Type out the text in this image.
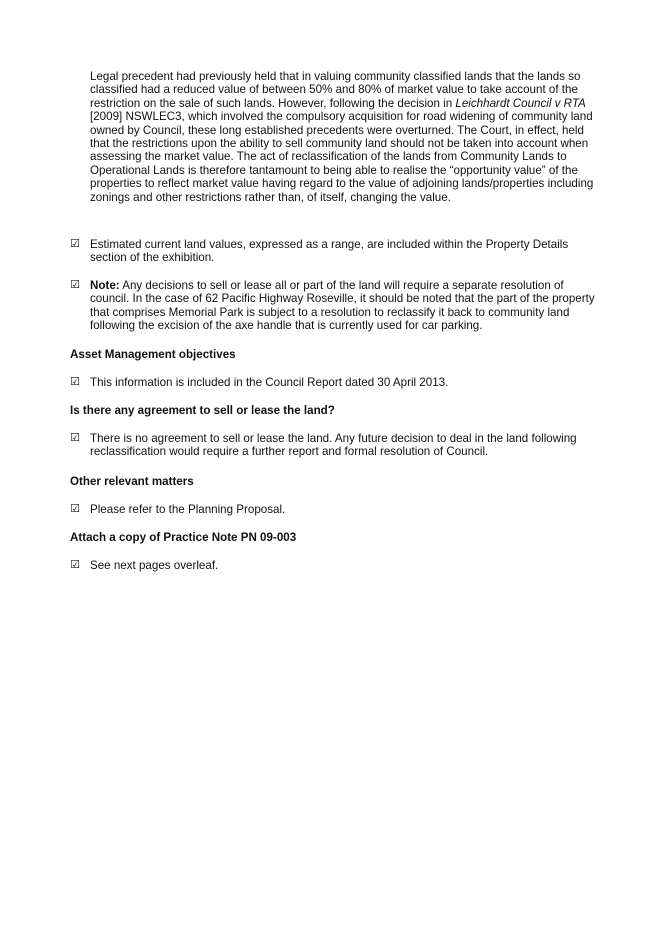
Legal precedent had previously held that in valuing community classified lands that the lands so classified had a reduced value of between 50% and 80% of market value to take account of the restriction on the sale of such lands. However, following the decision in Leichhardt Council v RTA [2009] NSWLEC3, which involved the compulsory acquisition for road widening of community land owned by Council, these long established precedents were overturned. The Court, in effect, held that the restrictions upon the ability to sell community land should not be taken into account when assessing the market value. The act of reclassification of the lands from Community Lands to Operational Lands is therefore tantamount to being able to realise the “opportunity value” of the properties to reflect market value having regard to the value of adjoining lands/properties including zonings and other restrictions rather than, of itself, changing the value.

☑ Estimated current land values, expressed as a range, are included within the Property Details section of the exhibition.
☑ Note: Any decisions to sell or lease all or part of the land will require a separate resolution of council. In the case of 62 Pacific Highway Roseville, it should be noted that the part of the property that comprises Memorial Park is subject to a resolution to reclassify it back to community land following the excision of the axe handle that is currently used for car parking.

Asset Management objectives

☑ This information is included in the Council Report dated 30 April 2013.

Is there any agreement to sell or lease the land?

☑ There is no agreement to sell or lease the land. Any future decision to deal in the land following reclassification would require a further report and formal resolution of Council.

Other relevant matters

☑ Please refer to the Planning Proposal.

Attach a copy of Practice Note PN 09-003

☑ See next pages overleaf.
